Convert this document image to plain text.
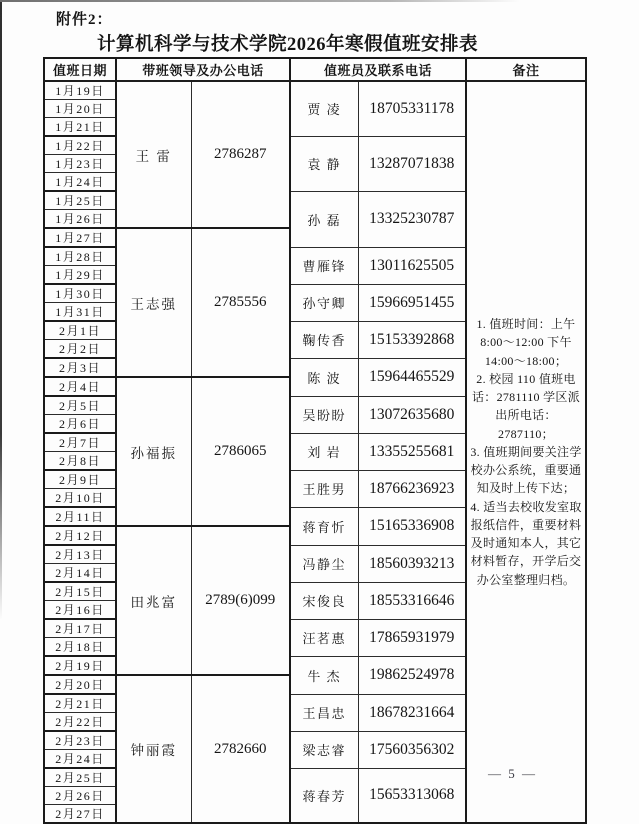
附件2：
计算机科学与技术学院2026年寒假值班安排表
值班日期	带班领导及办公电话		值班员及联系电话		备注
1月19日	王 雷	2786287	贾 凌	18705331178	1. 值班时间：上午 8:00～12:00 下午 14:00～18:00；
2. 校园 110 值班电话：2781110 学区派出所电话：2787110；
3. 值班期间要关注学校办公系统，重要通知及时上传下达；
4. 适当去校收发室取报纸信件，重要材料及时通知本人，其它材料暂存，开学后交办公室整理归档。

1月20日					
1月21日					
1月22日			袁 静	13287071838	
1月23日					
1月24日					
1月25日			孙 磊	13325230787	
1月26日					
1月27日	王志强	2785556			
1月28日			曹雁锋	13011625505	
1月29日					
1月30日			孙守卿	15966951455	
1月31日					
2月1日			鞠传香	15153392868	
2月2日					
2月3日			陈 波	15964465529	
2月4日	孙福振	2786065			
2月5日			吴盼盼	13072635680	
2月6日					
2月7日			刘 岩	13355255681	
2月8日					
2月9日			王胜男	18766236923	
2月10日					
2月11日			蒋育忻	15165336908	
2月12日	田兆富	2789(6)099			
2月13日			冯静尘	18560393213	
2月14日					
2月15日			宋俊良	18553316646	
2月16日					
2月17日			汪茗惠	17865931979	
2月18日					
2月19日			牛 杰	19862524978	
2月20日	钟丽霞	2782660			
2月21日			王昌忠	18678231664	
2月22日					
2月23日			梁志睿	17560356302	
2月24日					
2月25日			蒋春芳	15653313068	
2月26日					
2月27日					
— 5 —
